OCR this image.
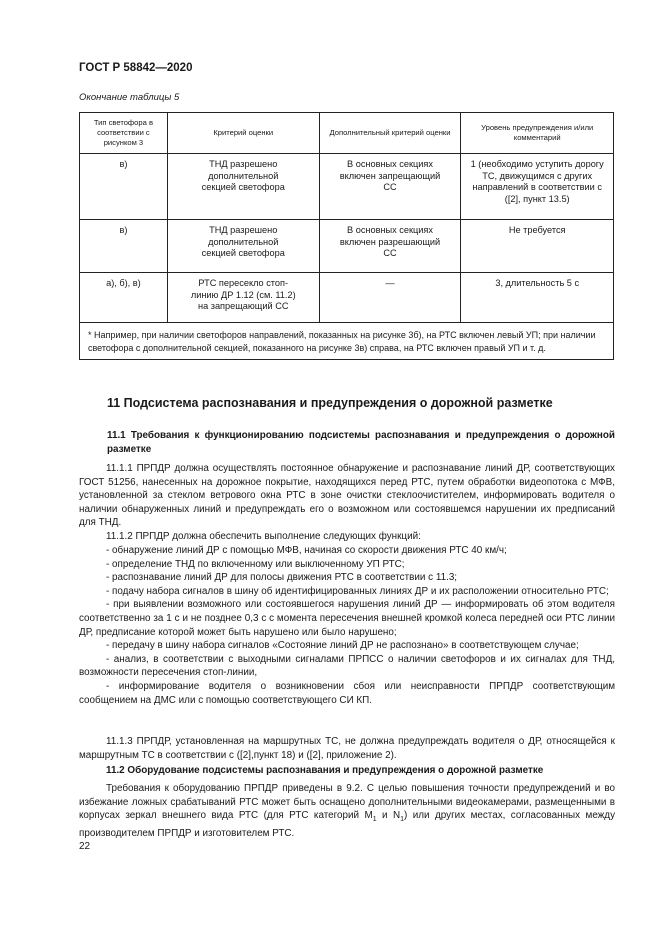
ГОСТ Р 58842—2020
Окончание таблицы 5
Тип светофора в соответствии с рисунком 3	Критерий оценки	Дополнительный критерий оценки	Уровень предупреждения и/или комментарий
в)	ТНД разрешено дополнительной секцией светофора	В основных секциях включен запрещающий СС	1 (необходимо уступить дорогу ТС, движущимся с других направлений в соответствии с ([2], пункт 13.5)
в)	ТНД разрешено дополнительной секцией светофора	В основных секциях включен разрешающий СС	Не требуется
а), б), в)	РТС пересекло стоп-линию ДР 1.12 (см. 11.2) на запрещающий СС	—	3, длительность 5 с
* Например, при наличии светофоров направлений, показанных на рисунке 3б), на РТС включен левый УП; при наличии светофора с дополнительной секцией, показанного на рисунке 3в) справа, на РТС включен правый УП и т. д.			
11 Подсистема распознавания и предупреждения о дорожной разметке
11.1 Требования к функционированию подсистемы распознавания и предупреждения о дорожной разметке
11.1.1 ПРПДР должна осуществлять постоянное обнаружение и распознавание линий ДР, соответствующих ГОСТ 51256, нанесенных на дорожное покрытие, находящихся перед РТС, путем обработки видеопотока с МФВ, установленной за стеклом ветрового окна РТС в зоне очистки стеклоочистителем, информировать водителя о наличии обнаруженных линий и предупреждать его о возможном или состоявшемся нарушении их предписаний для ТНД.
11.1.2 ПРПДР должна обеспечить выполнение следующих функций:
- обнаружение линий ДР с помощью МФВ, начиная со скорости движения РТС 40 км/ч;
- определение ТНД по включенному или выключенному УП РТС;
- распознавание линий ДР для полосы движения РТС в соответствии с 11.3;
- подачу набора сигналов в шину об идентифицированных линиях ДР и их расположении относительно РТС;
- при выявлении возможного или состоявшегося нарушения линий ДР — информировать об этом водителя соответственно за 1 с и не позднее 0,3 с с момента пересечения внешней кромкой колеса передней оси РТС линии ДР, предписание которой может быть нарушено или было нарушено;
- передачу в шину набора сигналов «Состояние линий ДР не распознано» в соответствующем случае;
- анализ, в соответствии с выходными сигналами ПРПСС о наличии светофоров и их сигналах для ТНД, возможности пересечения стоп-линии,
- информирование водителя о возникновении сбоя или неисправности ПРПДР соответствующим сообщением на ДМС или с помощью соответствующего СИ КП.
11.1.3 ПРПДР, установленная на маршрутных ТС, не должна предупреждать водителя о ДР, относящейся к маршрутным ТС в соответствии с ([2],пункт 18) и ([2], приложение 2).
11.2 Оборудование подсистемы распознавания и предупреждения о дорожной разметке
Требования к оборудованию ПРПДР приведены в 9.2. С целью повышения точности предупреждений и во избежание ложных срабатываний РТС может быть оснащено дополнительными видеокамерами, размещенными в корпусах зеркал внешнего вида РТС (для РТС категорий $M_1$ и $N_1$) или других местах, согласованных между производителем ПРПДР и изготовителем РТС.
22
